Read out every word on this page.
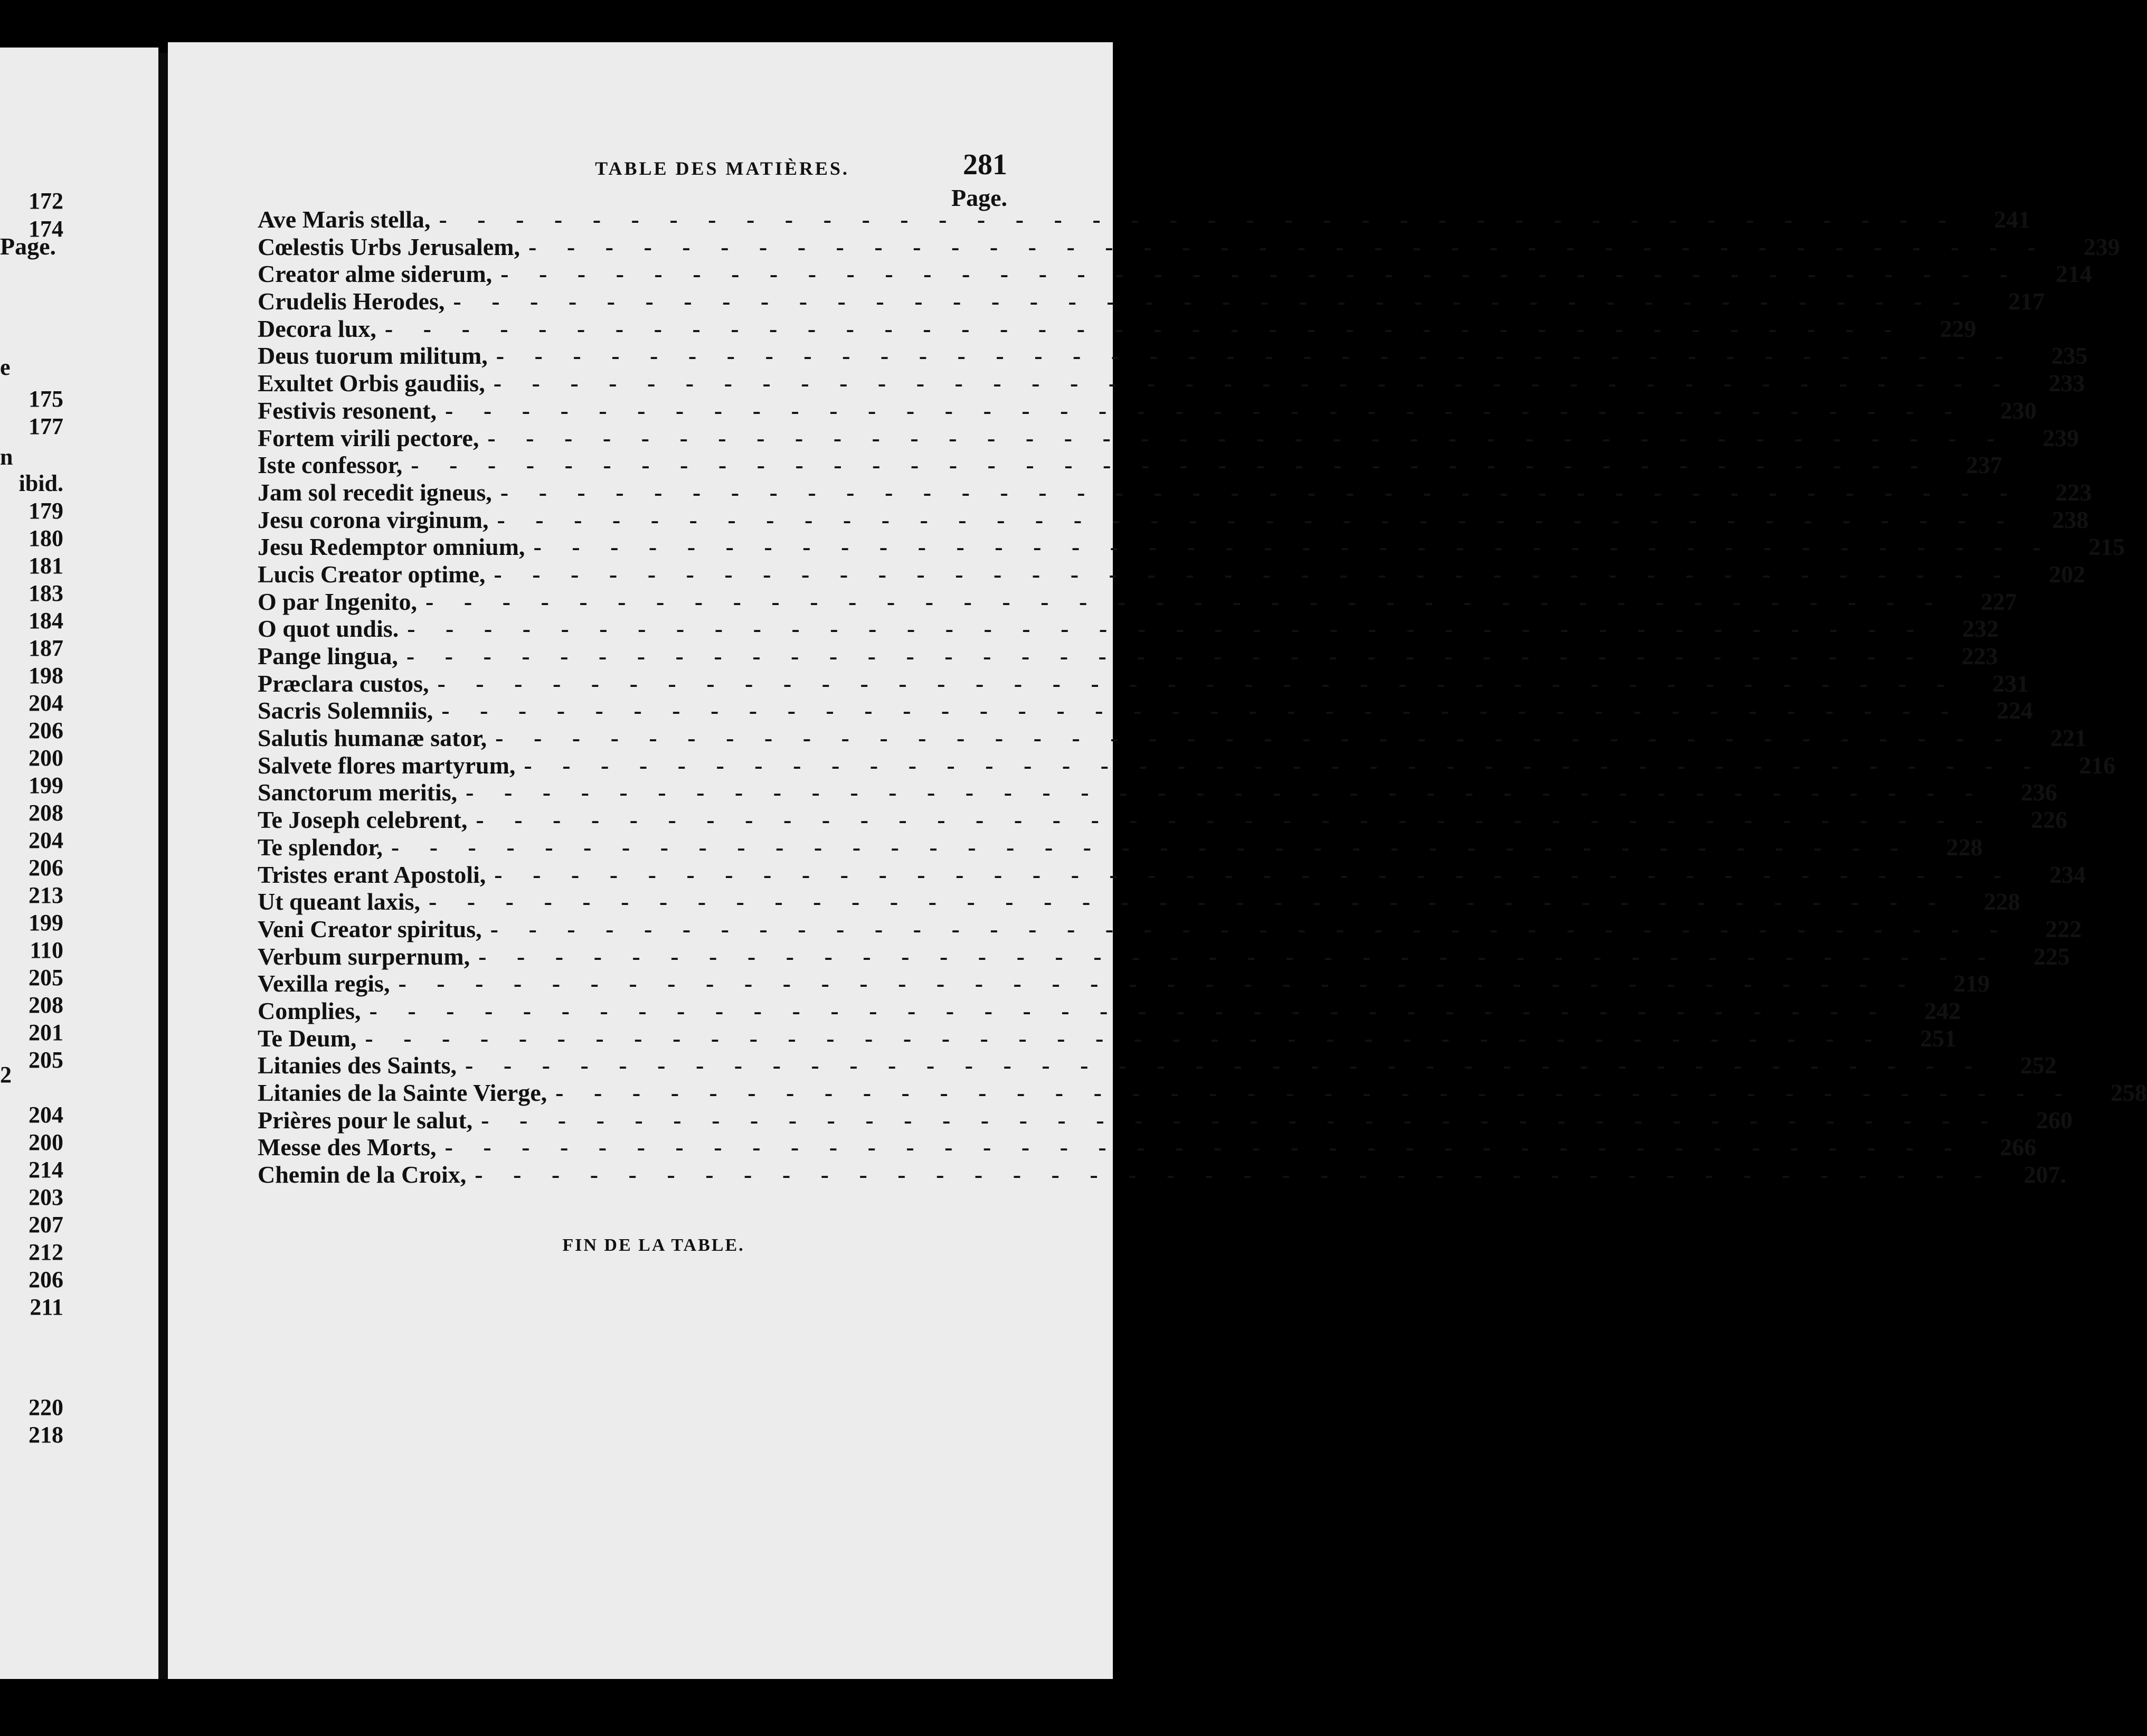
Page.
172
174
175
177
ibid.
179
180
181
183
184
187
198
204
206
200
199
208
204
206
213
199
110
205
208
201
205
204
200
214
203
207
212
206
211
220
218
e
n
2
TABLE DES MATIÈRES.	281
Page.
Ave Maris stella, -     -     -     -     -     -     -     -     -     -     -     -     -     -     -     -     -     -     -     -     -     -     -     -     -     -     -     -     -     -     -     -     -     -     -     -     -     -     -     - 241
Cœlestis Urbs Jerusalem, -     -     -     -     -     -     -     -     -     -     -     -     -     -     -     -     -     -     -     -     -     -     -     -     -     -     -     -     -     -     -     -     -     -     -     -     -     -     -     - 239
Creator alme siderum, -     -     -     -     -     -     -     -     -     -     -     -     -     -     -     -     -     -     -     -     -     -     -     -     -     -     -     -     -     -     -     -     -     -     -     -     -     -     -     - 214
Crudelis Herodes, -     -     -     -     -     -     -     -     -     -     -     -     -     -     -     -     -     -     -     -     -     -     -     -     -     -     -     -     -     -     -     -     -     -     -     -     -     -     -     - 217
Decora lux, -     -     -     -     -     -     -     -     -     -     -     -     -     -     -     -     -     -     -     -     -     -     -     -     -     -     -     -     -     -     -     -     -     -     -     -     -     -     -     - 229
Deus tuorum militum, -     -     -     -     -     -     -     -     -     -     -     -     -     -     -     -     -     -     -     -     -     -     -     -     -     -     -     -     -     -     -     -     -     -     -     -     -     -     -     - 235
Exultet Orbis gaudiis, -     -     -     -     -     -     -     -     -     -     -     -     -     -     -     -     -     -     -     -     -     -     -     -     -     -     -     -     -     -     -     -     -     -     -     -     -     -     -     - 233
Festivis resonent, -     -     -     -     -     -     -     -     -     -     -     -     -     -     -     -     -     -     -     -     -     -     -     -     -     -     -     -     -     -     -     -     -     -     -     -     -     -     -     - 230
Fortem virili pectore, -     -     -     -     -     -     -     -     -     -     -     -     -     -     -     -     -     -     -     -     -     -     -     -     -     -     -     -     -     -     -     -     -     -     -     -     -     -     -     - 239
Iste confessor, -     -     -     -     -     -     -     -     -     -     -     -     -     -     -     -     -     -     -     -     -     -     -     -     -     -     -     -     -     -     -     -     -     -     -     -     -     -     -     - 237
Jam sol recedit igneus, -     -     -     -     -     -     -     -     -     -     -     -     -     -     -     -     -     -     -     -     -     -     -     -     -     -     -     -     -     -     -     -     -     -     -     -     -     -     -     - 223
Jesu corona virginum, -     -     -     -     -     -     -     -     -     -     -     -     -     -     -     -     -     -     -     -     -     -     -     -     -     -     -     -     -     -     -     -     -     -     -     -     -     -     -     - 238
Jesu Redemptor omnium, -     -     -     -     -     -     -     -     -     -     -     -     -     -     -     -     -     -     -     -     -     -     -     -     -     -     -     -     -     -     -     -     -     -     -     -     -     -     -     - 215
Lucis Creator optime, -     -     -     -     -     -     -     -     -     -     -     -     -     -     -     -     -     -     -     -     -     -     -     -     -     -     -     -     -     -     -     -     -     -     -     -     -     -     -     - 202
O par Ingenito, -     -     -     -     -     -     -     -     -     -     -     -     -     -     -     -     -     -     -     -     -     -     -     -     -     -     -     -     -     -     -     -     -     -     -     -     -     -     -     - 227
O quot undis. -     -     -     -     -     -     -     -     -     -     -     -     -     -     -     -     -     -     -     -     -     -     -     -     -     -     -     -     -     -     -     -     -     -     -     -     -     -     -     - 232
Pange lingua, -     -     -     -     -     -     -     -     -     -     -     -     -     -     -     -     -     -     -     -     -     -     -     -     -     -     -     -     -     -     -     -     -     -     -     -     -     -     -     - 223
Præclara custos, -     -     -     -     -     -     -     -     -     -     -     -     -     -     -     -     -     -     -     -     -     -     -     -     -     -     -     -     -     -     -     -     -     -     -     -     -     -     -     - 231
Sacris Solemniis, -     -     -     -     -     -     -     -     -     -     -     -     -     -     -     -     -     -     -     -     -     -     -     -     -     -     -     -     -     -     -     -     -     -     -     -     -     -     -     - 224
Salutis humanæ sator, -     -     -     -     -     -     -     -     -     -     -     -     -     -     -     -     -     -     -     -     -     -     -     -     -     -     -     -     -     -     -     -     -     -     -     -     -     -     -     - 221
Salvete flores martyrum, -     -     -     -     -     -     -     -     -     -     -     -     -     -     -     -     -     -     -     -     -     -     -     -     -     -     -     -     -     -     -     -     -     -     -     -     -     -     -     - 216
Sanctorum meritis, -     -     -     -     -     -     -     -     -     -     -     -     -     -     -     -     -     -     -     -     -     -     -     -     -     -     -     -     -     -     -     -     -     -     -     -     -     -     -     - 236
Te Joseph celebrent, -     -     -     -     -     -     -     -     -     -     -     -     -     -     -     -     -     -     -     -     -     -     -     -     -     -     -     -     -     -     -     -     -     -     -     -     -     -     -     - 226
Te splendor, -     -     -     -     -     -     -     -     -     -     -     -     -     -     -     -     -     -     -     -     -     -     -     -     -     -     -     -     -     -     -     -     -     -     -     -     -     -     -     - 228
Tristes erant Apostoli, -     -     -     -     -     -     -     -     -     -     -     -     -     -     -     -     -     -     -     -     -     -     -     -     -     -     -     -     -     -     -     -     -     -     -     -     -     -     -     - 234
Ut queant laxis, -     -     -     -     -     -     -     -     -     -     -     -     -     -     -     -     -     -     -     -     -     -     -     -     -     -     -     -     -     -     -     -     -     -     -     -     -     -     -     - 228
Veni Creator spiritus, -     -     -     -     -     -     -     -     -     -     -     -     -     -     -     -     -     -     -     -     -     -     -     -     -     -     -     -     -     -     -     -     -     -     -     -     -     -     -     - 222
Verbum surpernum, -     -     -     -     -     -     -     -     -     -     -     -     -     -     -     -     -     -     -     -     -     -     -     -     -     -     -     -     -     -     -     -     -     -     -     -     -     -     -     - 225
Vexilla regis, -     -     -     -     -     -     -     -     -     -     -     -     -     -     -     -     -     -     -     -     -     -     -     -     -     -     -     -     -     -     -     -     -     -     -     -     -     -     -     - 219
Complies, -     -     -     -     -     -     -     -     -     -     -     -     -     -     -     -     -     -     -     -     -     -     -     -     -     -     -     -     -     -     -     -     -     -     -     -     -     -     -     - 242
Te Deum, -     -     -     -     -     -     -     -     -     -     -     -     -     -     -     -     -     -     -     -     -     -     -     -     -     -     -     -     -     -     -     -     -     -     -     -     -     -     -     - 251
Litanies des Saints, -     -     -     -     -     -     -     -     -     -     -     -     -     -     -     -     -     -     -     -     -     -     -     -     -     -     -     -     -     -     -     -     -     -     -     -     -     -     -     - 252
Litanies de la Sainte Vierge, -     -     -     -     -     -     -     -     -     -     -     -     -     -     -     -     -     -     -     -     -     -     -     -     -     -     -     -     -     -     -     -     -     -     -     -     -     -     -     - 258
Prières pour le salut, -     -     -     -     -     -     -     -     -     -     -     -     -     -     -     -     -     -     -     -     -     -     -     -     -     -     -     -     -     -     -     -     -     -     -     -     -     -     -     - 260
Messe des Morts, -     -     -     -     -     -     -     -     -     -     -     -     -     -     -     -     -     -     -     -     -     -     -     -     -     -     -     -     -     -     -     -     -     -     -     -     -     -     -     - 266
Chemin de la Croix, -     -     -     -     -     -     -     -     -     -     -     -     -     -     -     -     -     -     -     -     -     -     -     -     -     -     -     -     -     -     -     -     -     -     -     -     -     -     -     - 207.
FIN DE LA TABLE.
